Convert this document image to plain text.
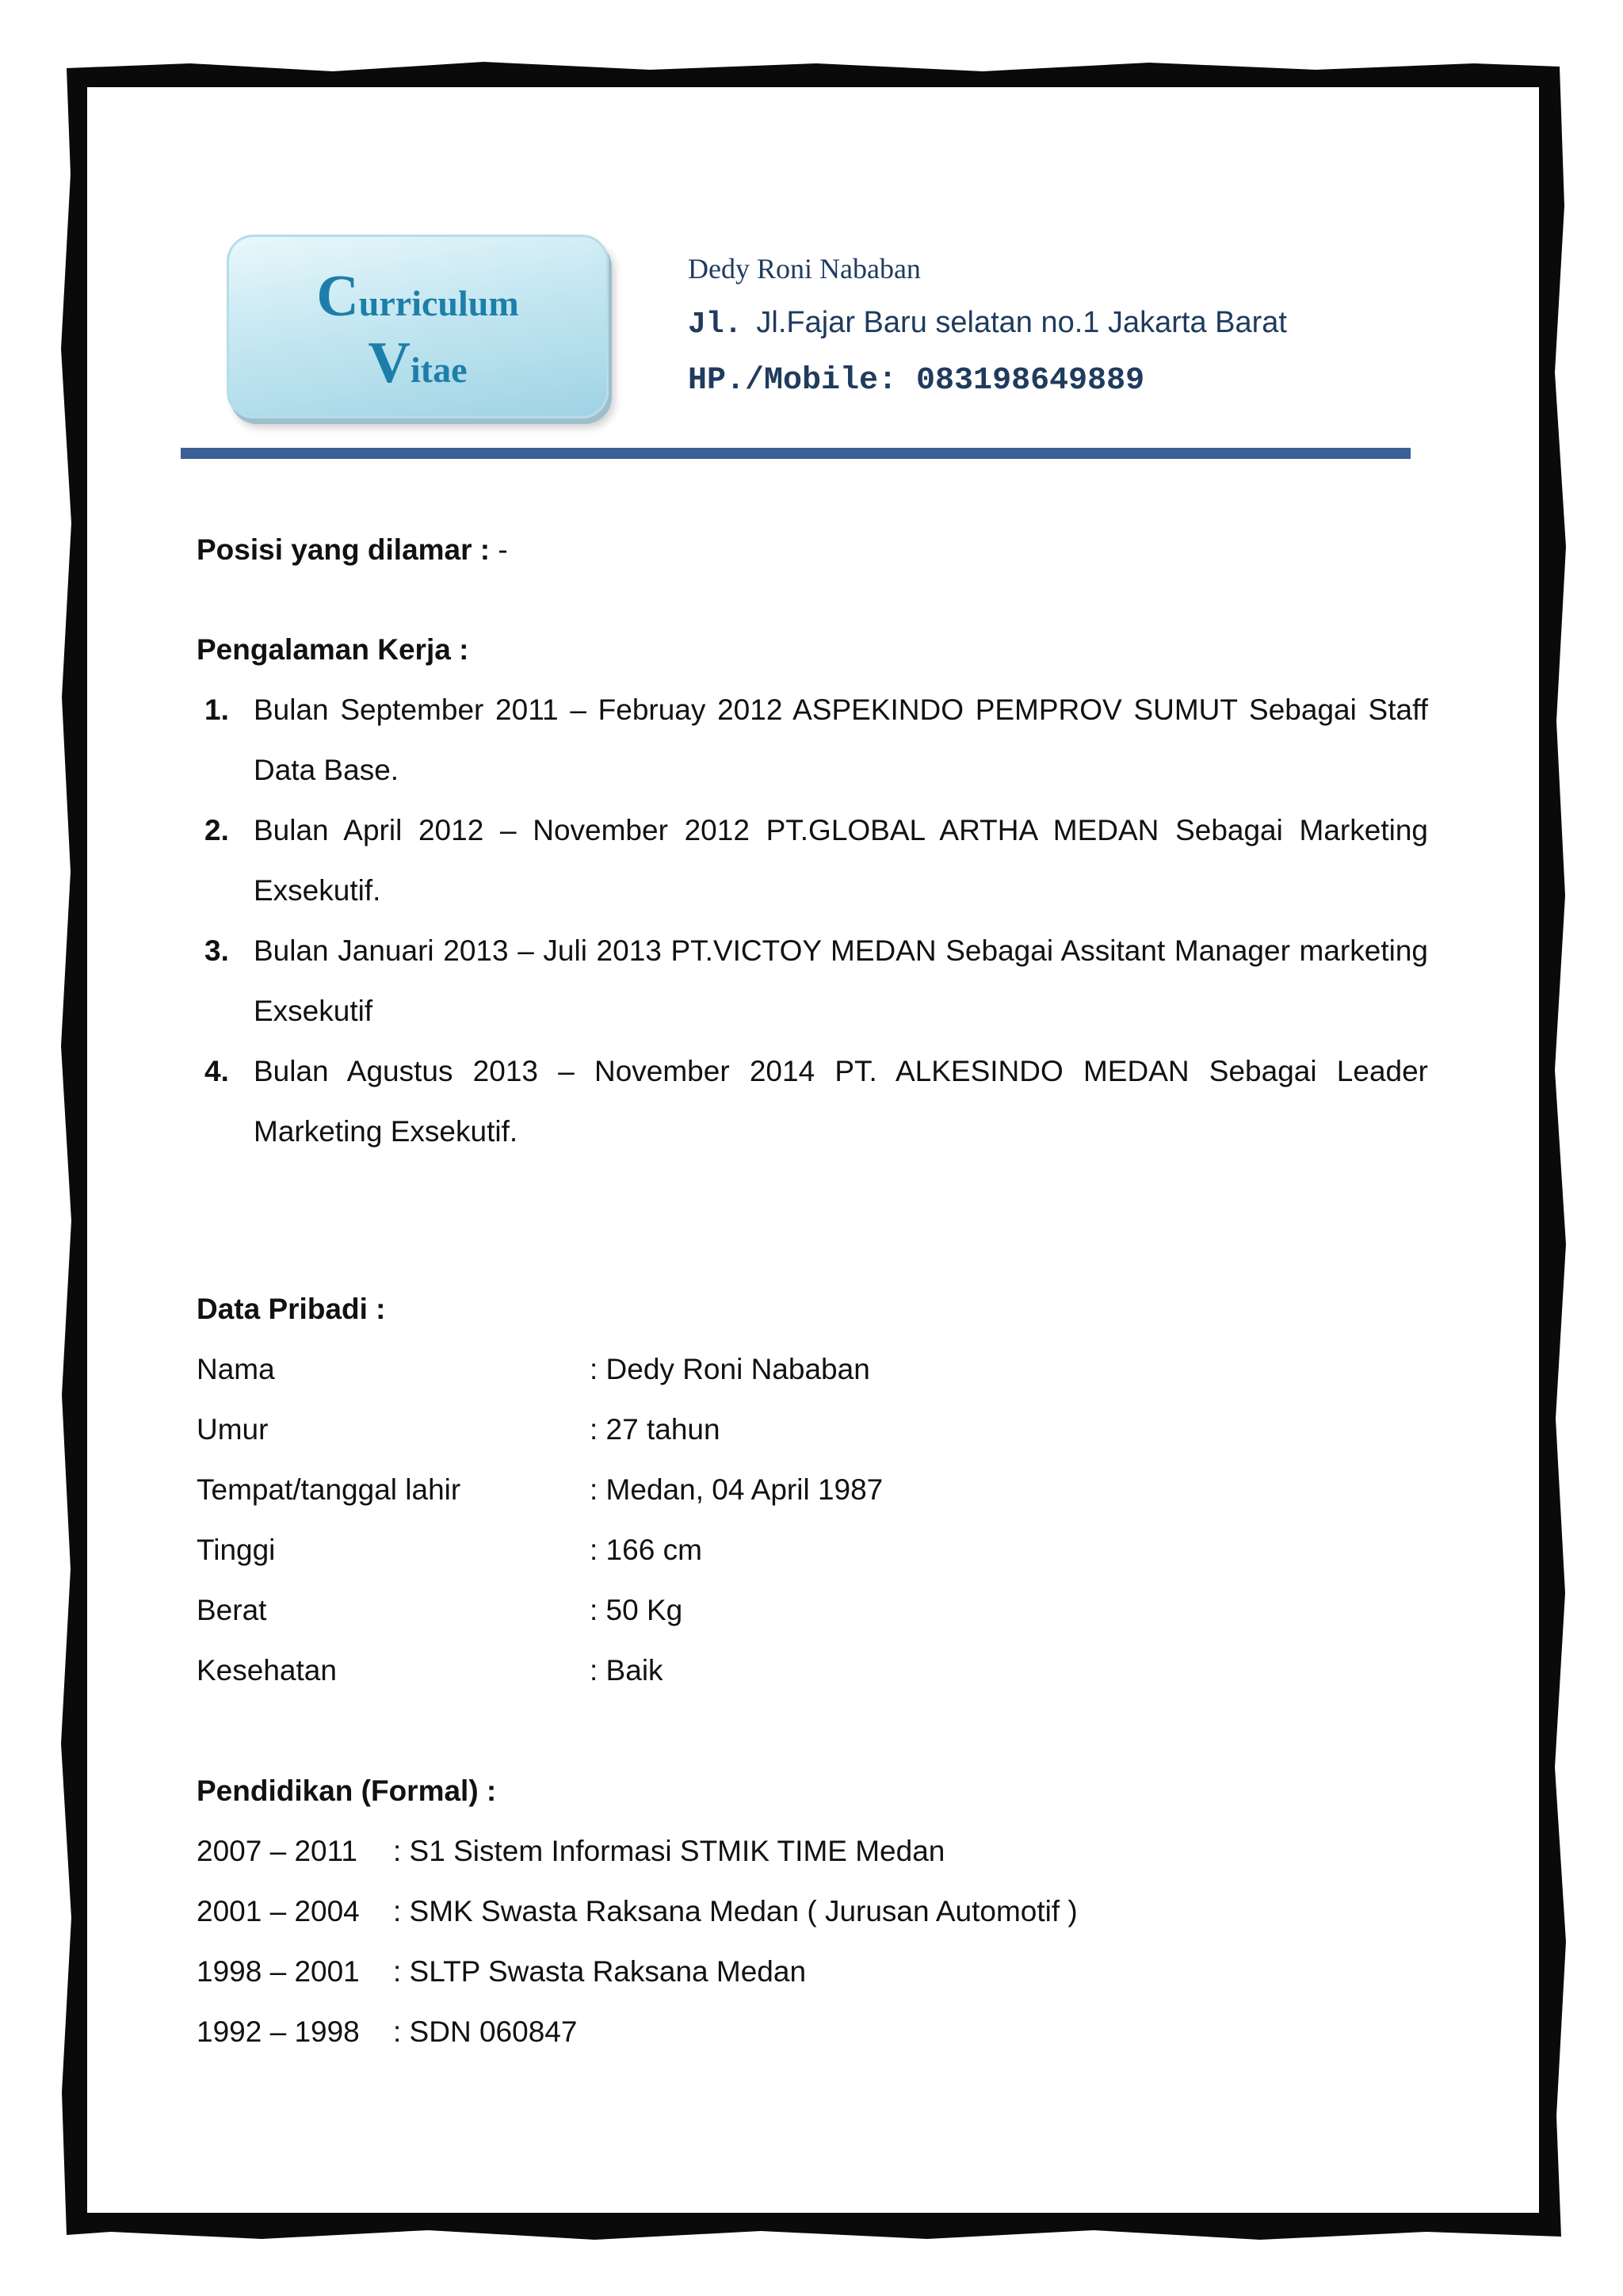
Curriculum
Vitae
Dedy Roni Nababan
Jl. Jl.Fajar Baru selatan no.1 Jakarta Barat
HP./Mobile: 083198649889
Posisi yang dilamar : -
Pengalaman Kerja :
1. Bulan September 2011 – Februay 2012 ASPEKINDO PEMPROV SUMUT Sebagai Staff Data Base.
2. Bulan April 2012 – November 2012 PT.GLOBAL ARTHA MEDAN Sebagai Marketing Exsekutif.
3. Bulan Januari 2013 – Juli 2013 PT.VICTOY MEDAN Sebagai Assitant Manager marketing Exsekutif
4. Bulan Agustus 2013 – November 2014 PT. ALKESINDO MEDAN Sebagai Leader Marketing Exsekutif.
Data Pribadi :
Nama	: Dedy Roni Nababan
Umur	: 27 tahun
Tempat/tanggal lahir	: Medan, 04 April 1987
Tinggi	: 166 cm
Berat	: 50 Kg
Kesehatan	: Baik
Pendidikan (Formal) :
2007 – 2011 : S1 Sistem Informasi STMIK TIME Medan
2001 – 2004 : SMK Swasta Raksana Medan ( Jurusan Automotif )
1998 – 2001 : SLTP Swasta Raksana Medan
1992 – 1998 : SDN 060847
